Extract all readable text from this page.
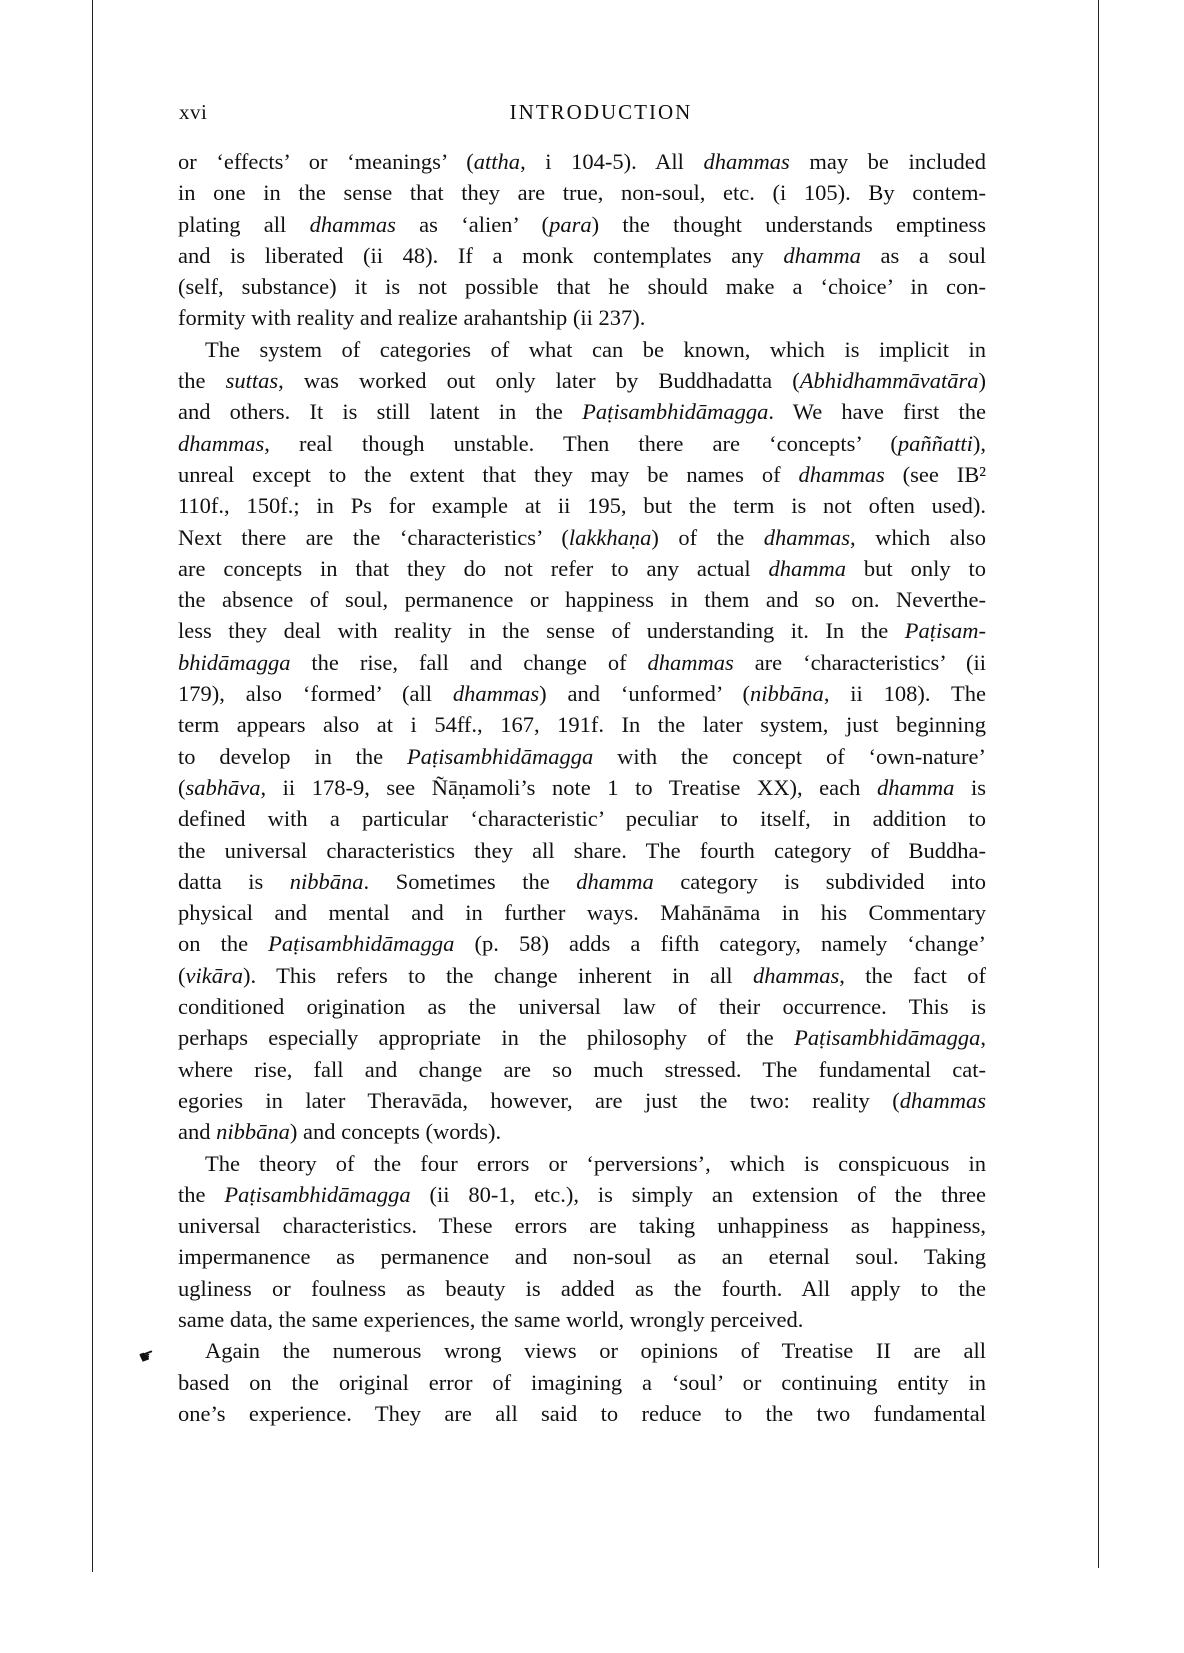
xvi	INTRODUCTION
☛
or ‘effects’ or ‘meanings’ (attha, i 104-5). All dhammas may be included
in one in the sense that they are true, non-soul, etc. (i 105). By contem-
plating all dhammas as ‘alien’ (para) the thought understands emptiness
and is liberated (ii 48). If a monk contemplates any dhamma as a soul
(self, substance) it is not possible that he should make a ‘choice’ in con-
formity with reality and realize arahantship (ii 237).
The system of categories of what can be known, which is implicit in
the suttas, was worked out only later by Buddhadatta (Abhidhammāvatāra)
and others. It is still latent in the Paṭisambhidāmagga. We have first the
dhammas, real though unstable. Then there are ‘concepts’ (paññatti),
unreal except to the extent that they may be names of dhammas (see IB²
110f., 150f.; in Ps for example at ii 195, but the term is not often used).
Next there are the ‘characteristics’ (lakkhaṇa) of the dhammas, which also
are concepts in that they do not refer to any actual dhamma but only to
the absence of soul, permanence or happiness in them and so on. Neverthe-
less they deal with reality in the sense of understanding it. In the Paṭisam-
bhidāmagga the rise, fall and change of dhammas are ‘characteristics’ (ii
179), also ‘formed’ (all dhammas) and ‘unformed’ (nibbāna, ii 108). The
term appears also at i 54ff., 167, 191f. In the later system, just beginning
to develop in the Paṭisambhidāmagga with the concept of ‘own-nature’
(sabhāva, ii 178-9, see Ñāṇamoli’s note 1 to Treatise XX), each dhamma is
defined with a particular ‘characteristic’ peculiar to itself, in addition to
the universal characteristics they all share. The fourth category of Buddha-
datta is nibbāna. Sometimes the dhamma category is subdivided into
physical and mental and in further ways. Mahānāma in his Commentary
on the Paṭisambhidāmagga (p. 58) adds a fifth category, namely ‘change’
(vikāra). This refers to the change inherent in all dhammas, the fact of
conditioned origination as the universal law of their occurrence. This is
perhaps especially appropriate in the philosophy of the Paṭisambhidāmagga,
where rise, fall and change are so much stressed. The fundamental cat-
egories in later Theravāda, however, are just the two: reality (dhammas
and nibbāna) and concepts (words).
The theory of the four errors or ‘perversions’, which is conspicuous in
the Paṭisambhidāmagga (ii 80-1, etc.), is simply an extension of the three
universal characteristics. These errors are taking unhappiness as happiness,
impermanence as permanence and non-soul as an eternal soul. Taking
ugliness or foulness as beauty is added as the fourth. All apply to the
same data, the same experiences, the same world, wrongly perceived.
Again the numerous wrong views or opinions of Treatise II are all
based on the original error of imagining a ‘soul’ or continuing entity in
one’s experience. They are all said to reduce to the two fundamental
